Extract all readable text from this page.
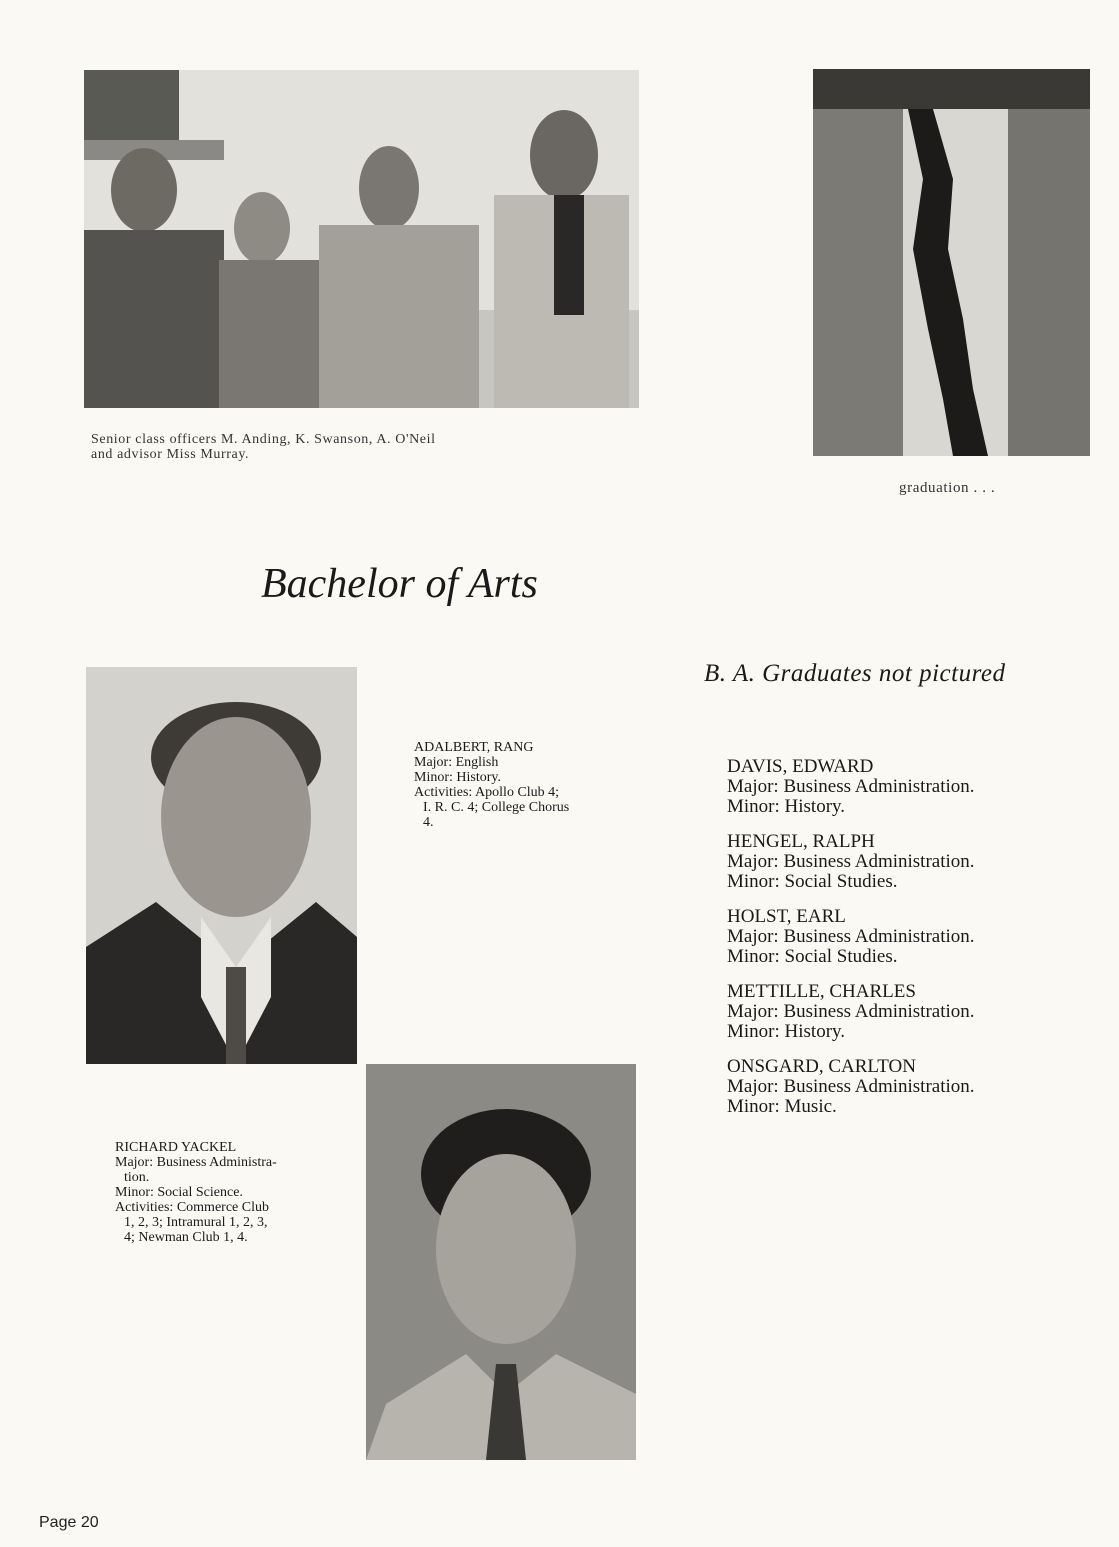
Senior class officers M. Anding, K. Swanson, A. O'Neil
and advisor Miss Murray.
graduation . . .
Bachelor of Arts
ADALBERT, RANG
Major: English
Minor: History.
Activities: Apollo Club 4;
I. R. C. 4; College Chorus
4.
RICHARD YACKEL
Major: Business Administra-
tion.
Minor: Social Science.
Activities: Commerce Club
1, 2, 3; Intramural 1, 2, 3,
4; Newman Club 1, 4.
B. A. Graduates not pictured
DAVIS, EDWARD
Major: Business Administration.
Minor: History.
HENGEL, RALPH
Major: Business Administration.
Minor: Social Studies.
HOLST, EARL
Major: Business Administration.
Minor: Social Studies.
METTILLE, CHARLES
Major: Business Administration.
Minor: History.
ONSGARD, CARLTON
Major: Business Administration.
Minor: Music.
Page 20
